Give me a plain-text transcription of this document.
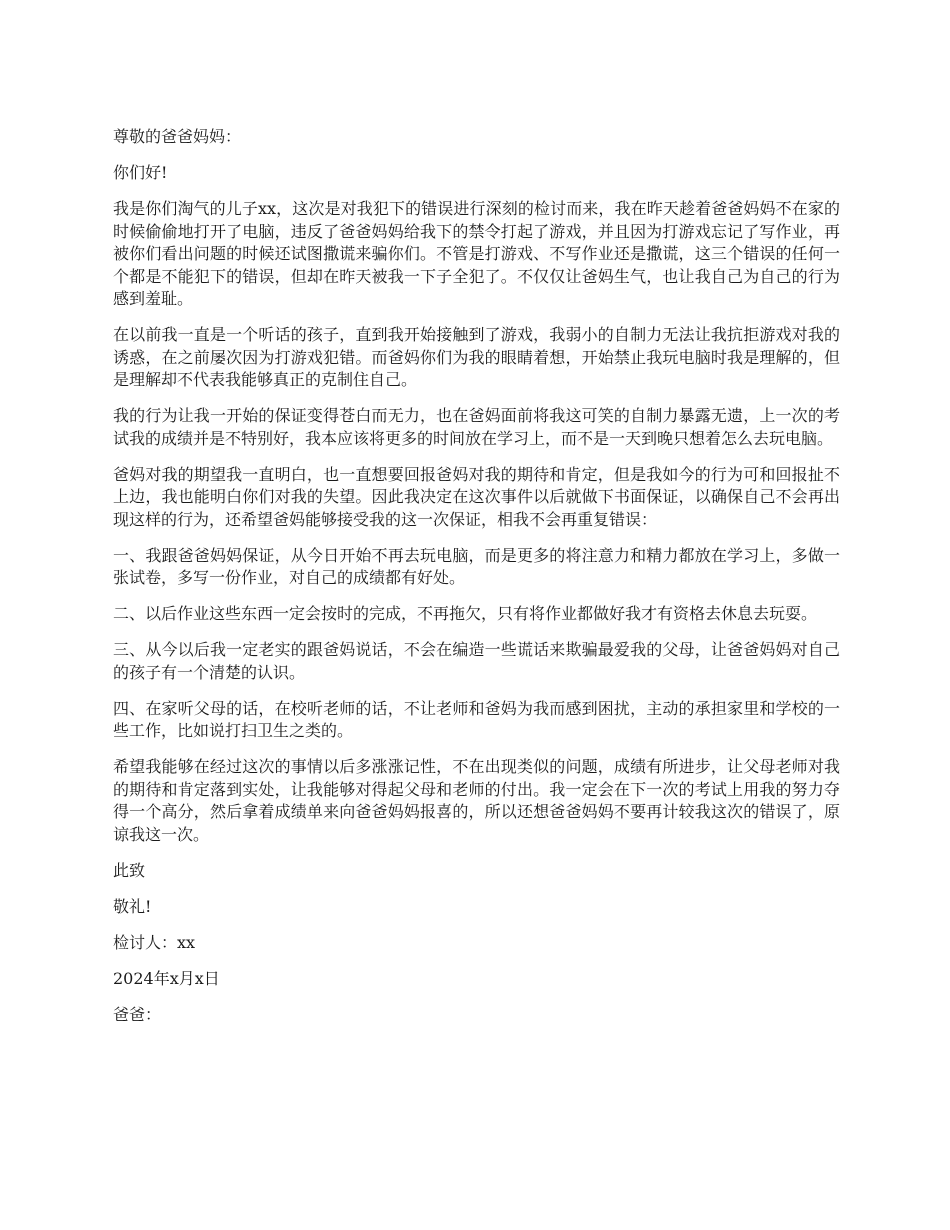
尊敬的爸爸妈妈：

你们好!

我是你们淘气的儿子xx，这次是对我犯下的错误进行深刻的检讨而来，我在昨天趁着爸爸妈妈不在家的时候偷偷地打开了电脑，违反了爸爸妈妈给我下的禁令打起了游戏，并且因为打游戏忘记了写作业，再被你们看出问题的时候还试图撒谎来骗你们。不管是打游戏、不写作业还是撒谎，这三个错误的任何一个都是不能犯下的错误，但却在昨天被我一下子全犯了。不仅仅让爸妈生气，也让我自己为自己的行为感到羞耻。

在以前我一直是一个听话的孩子，直到我开始接触到了游戏，我弱小的自制力无法让我抗拒游戏对我的诱惑，在之前屡次因为打游戏犯错。而爸妈你们为我的眼睛着想，开始禁止我玩电脑时我是理解的，但是理解却不代表我能够真正的克制住自己。

我的行为让我一开始的保证变得苍白而无力，也在爸妈面前将我这可笑的自制力暴露无遗，上一次的考试我的成绩并是不特别好，我本应该将更多的时间放在学习上，而不是一天到晚只想着怎么去玩电脑。

爸妈对我的期望我一直明白，也一直想要回报爸妈对我的期待和肯定，但是我如今的行为可和回报扯不上边，我也能明白你们对我的失望。因此我决定在这次事件以后就做下书面保证，以确保自己不会再出现这样的行为，还希望爸妈能够接受我的这一次保证，相我不会再重复错误：

一、我跟爸爸妈妈保证，从今日开始不再去玩电脑，而是更多的将注意力和精力都放在学习上，多做一张试卷，多写一份作业，对自己的成绩都有好处。

二、以后作业这些东西一定会按时的完成，不再拖欠，只有将作业都做好我才有资格去休息去玩耍。

三、从今以后我一定老实的跟爸妈说话，不会在编造一些谎话来欺骗最爱我的父母，让爸爸妈妈对自己的孩子有一个清楚的认识。

四、在家听父母的话，在校听老师的话，不让老师和爸妈为我而感到困扰，主动的承担家里和学校的一些工作，比如说打扫卫生之类的。

希望我能够在经过这次的事情以后多涨涨记性，不在出现类似的问题，成绩有所进步，让父母老师对我的期待和肯定落到实处，让我能够对得起父母和老师的付出。我一定会在下一次的考试上用我的努力夺得一个高分，然后拿着成绩单来向爸爸妈妈报喜的，所以还想爸爸妈妈不要再计较我这次的错误了，原谅我这一次。

此致

敬礼!

检讨人：xx

2024年x月x日

爸爸：
